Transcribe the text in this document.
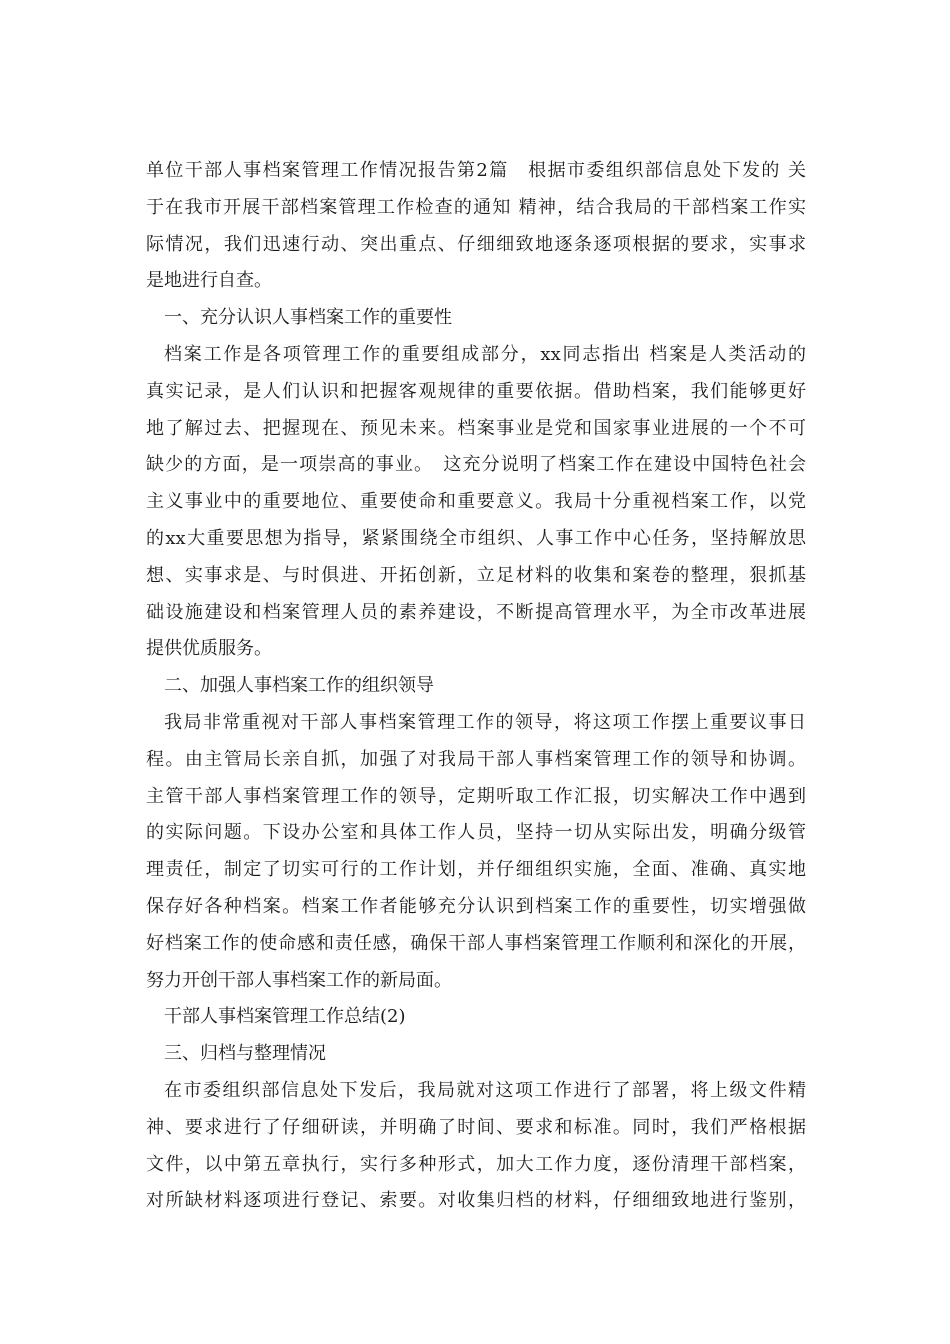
单位干部人事档案管理工作情况报告第2篇　根据市委组织部信息处下发的 关
于在我市开展干部档案管理工作检查的通知 精神，结合我局的干部档案工作实
际情况，我们迅速行动、突出重点、仔细细致地逐条逐项根据的要求，实事求
是地进行自查。
一、充分认识人事档案工作的重要性
档案工作是各项管理工作的重要组成部分，xx同志指出 档案是人类活动的
真实记录，是人们认识和把握客观规律的重要依据。借助档案，我们能够更好
地了解过去、把握现在、预见未来。档案事业是党和国家事业进展的一个不可
缺少的方面，是一项崇高的事业。　这充分说明了档案工作在建设中国特色社会
主义事业中的重要地位、重要使命和重要意义。我局十分重视档案工作，以党
的xx大重要思想为指导，紧紧围绕全市组织、人事工作中心任务，坚持解放思
想、实事求是、与时俱进、开拓创新，立足材料的收集和案卷的整理，狠抓基
础设施建设和档案管理人员的素养建设，不断提高管理水平，为全市改革进展
提供优质服务。
二、加强人事档案工作的组织领导
我局非常重视对干部人事档案管理工作的领导，将这项工作摆上重要议事日
程。由主管局长亲自抓，加强了对我局干部人事档案管理工作的领导和协调。
主管干部人事档案管理工作的领导，定期听取工作汇报，切实解决工作中遇到
的实际问题。下设办公室和具体工作人员，坚持一切从实际出发，明确分级管
理责任，制定了切实可行的工作计划，并仔细组织实施，全面、准确、真实地
保存好各种档案。档案工作者能够充分认识到档案工作的重要性，切实增强做
好档案工作的使命感和责任感，确保干部人事档案管理工作顺利和深化的开展，
努力开创干部人事档案工作的新局面。
干部人事档案管理工作总结(2)
三、归档与整理情况
在市委组织部信息处下发后，我局就对这项工作进行了部署，将上级文件精
神、要求进行了仔细研读，并明确了时间、要求和标准。同时，我们严格根据
文件，以中第五章执行，实行多种形式，加大工作力度，逐份清理干部档案，
对所缺材料逐项进行登记、索要。对收集归档的材料，仔细细致地进行鉴别，
